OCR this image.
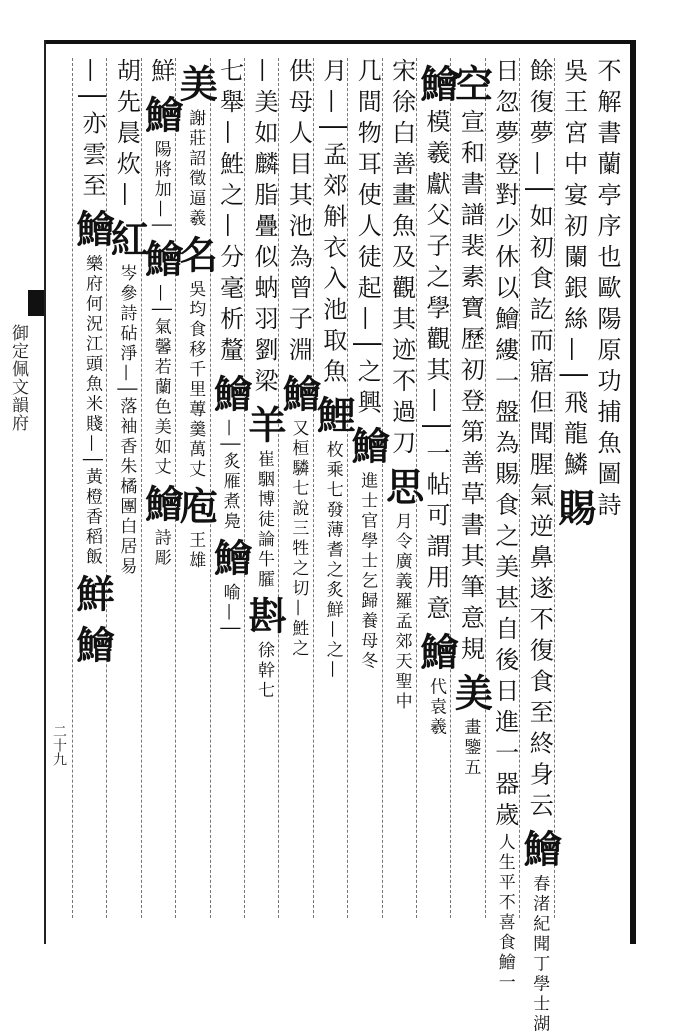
御定佩文韻府
二十九
不解書蘭亭序也歐陽原功捕魚圖詩
吳王宮中宴初闌銀絲—│飛龍鱗賜
餘復夢—│如初食訖而寤但聞腥氣逆鼻遂不復食至終身云鱠春渚紀聞丁學士湖
日忽夢登對少休以鱠縷一盤為賜食之美甚自後日進一器歲人生平不喜食鱠一
空宣和書譜裴素寶歷初登第善草書其筆意規美畫鑒五
鱠模羲獻父子之學觀其—│一帖可謂用意鱠代袁羲
宋徐白善畫魚及觀其迹不過刀思月令廣義羅孟郊天聖中
几間物耳使人徒起—│之興鱠進士官學士乞歸養母冬
月—│孟郊斛衣入池取魚鯉枚乘七發薄耆之炙鮮—之—
供母人目其池為曾子淵鱠又桓驎七說三牲之切—鮏之
—美如麟脂疊似蚋羽劉梁羊崔駰博徒論牛臛斟徐幹七
七舉—鮏之—分毫析釐鱠—│炙雁煮鳧鱠喻—│
美謝莊詔徵逼羲名吳均食移千里蓴羹萬丈庖王雄
鮮鱠陽將加—│鱠—│氣馨若蘭色美如丈鱠詩彫
胡先晨炊—紅岑參詩砧淨—│落袖香朱橘團白居易
—│亦雲至鱠樂府何況江頭魚米賤—│黃橙香稻飯鮮鱠
